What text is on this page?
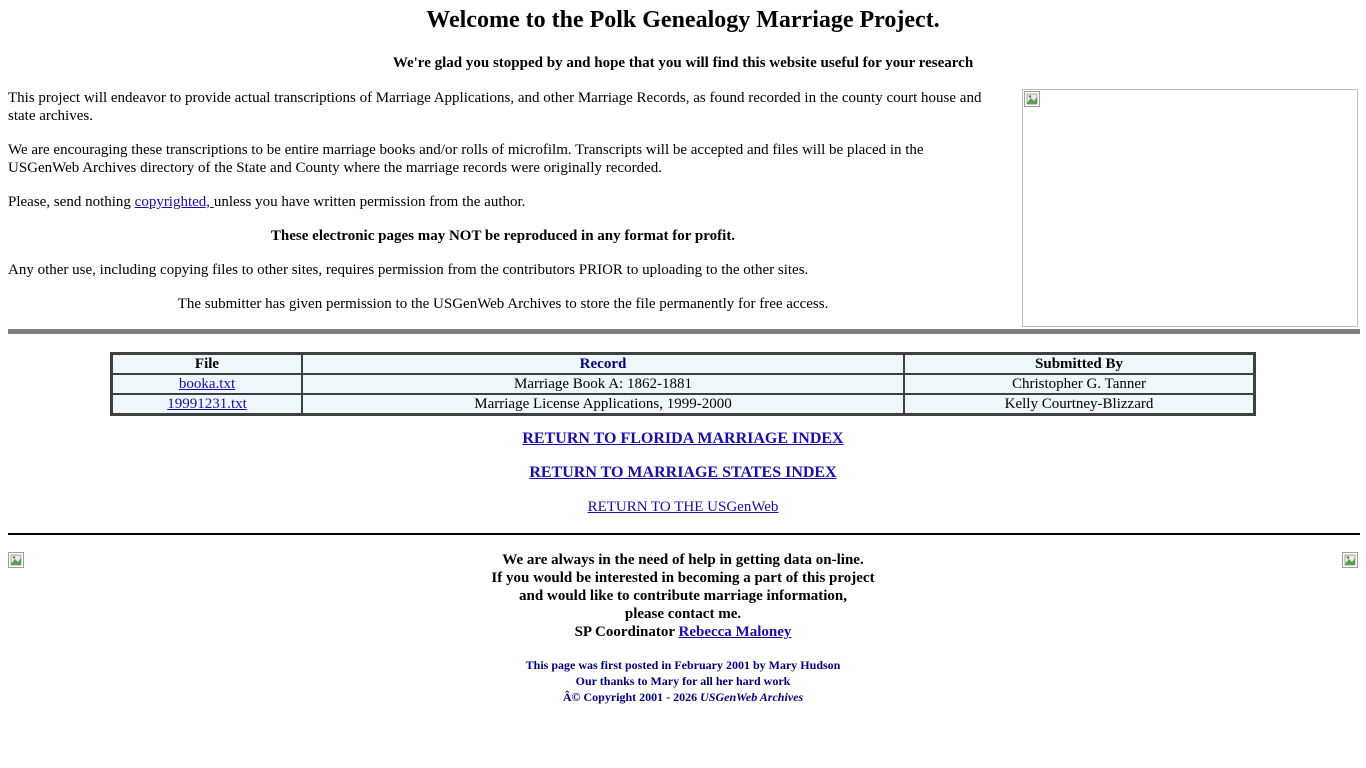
Welcome to the Polk Genealogy Marriage Project.
We're glad you stopped by and hope that you will find this website useful for your research

This project will endeavor to provide actual transcriptions of Marriage Applications, and other Marriage Records, as found recorded in the county court house and state archives.

We are encouraging these transcriptions to be entire marriage books and/or rolls of microfilm. Transcripts will be accepted and files will be placed in the USGenWeb Archives directory of the State and County where the marriage records were originally recorded.

Please, send nothing copyrighted, unless you have written permission from the author.

These electronic pages may NOT be reproduced in any format for profit.

Any other use, including copying files to other sites, requires permission from the contributors PRIOR to uploading to the other sites.

The submitter has given permission to the USGenWeb Archives to store the file permanently for free access.

File	Record	Submitted By
booka.txt	Marriage Book A: 1862-1881	Christopher G. Tanner
19991231.txt	Marriage License Applications, 1999-2000	Kelly Courtney-Blizzard

RETURN TO FLORIDA MARRIAGE INDEX

RETURN TO MARRIAGE STATES INDEX

RETURN TO THE USGenWeb

We are always in the need of help in getting data on-line.
If you would be interested in becoming a part of this project
and would like to contribute marriage information,
please contact me.
SP Coordinator Rebecca Maloney
This page was first posted in February 2001 by Mary Hudson
Our thanks to Mary for all her hard work
Â© Copyright 2001 - 2026 USGenWeb Archives
